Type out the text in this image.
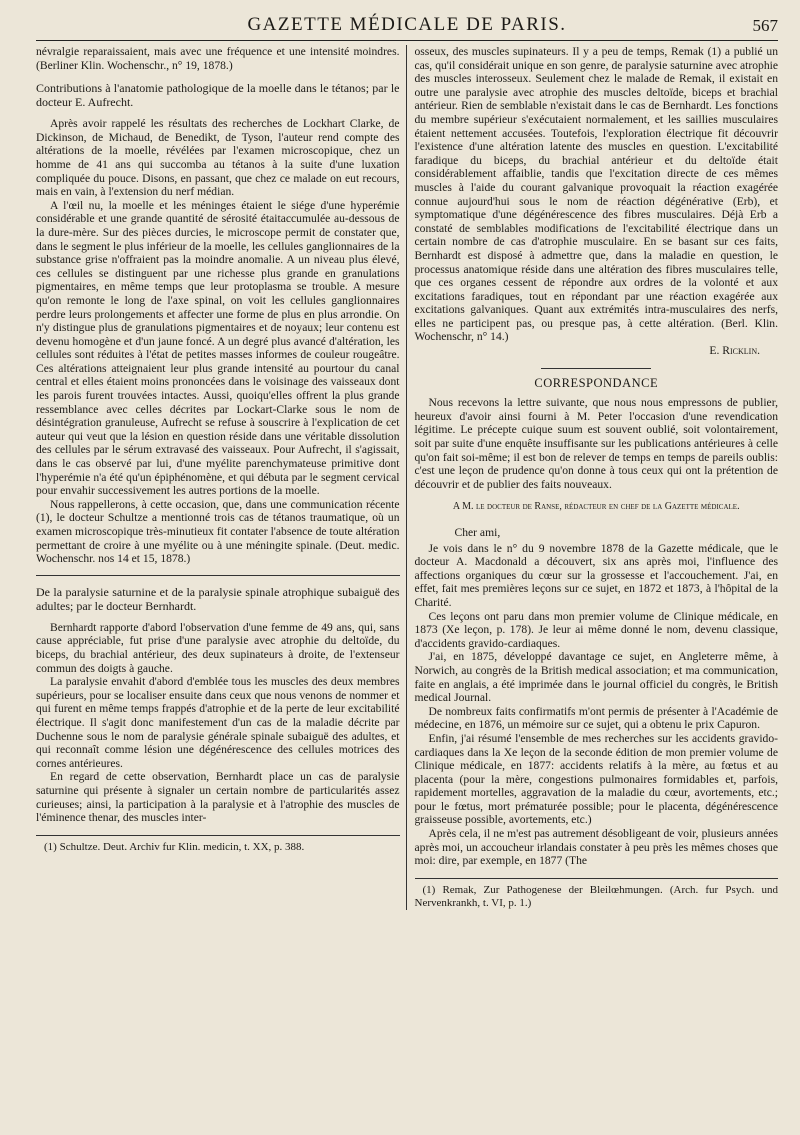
GAZETTE MÉDICALE DE PARIS.	567

névralgie reparaissaient, mais avec une fréquence et une intensité moindres. (Berliner Klin. Wochenschr., n° 19, 1878.)

Contributions à l'anatomie pathologique de la moelle dans le tétanos; par le docteur E. Aufrecht.

Après avoir rappelé les résultats des recherches de Lockhart Clarke, de Dickinson, de Michaud, de Benedikt, de Tyson, l'auteur rend compte des altérations de la moelle, révélées par l'examen microscopique, chez un homme de 41 ans qui succomba au tétanos à la suite d'une luxation compliquée du pouce. Disons, en passant, que chez ce malade on eut recours, mais en vain, à l'extension du nerf médian.

A l'œil nu, la moelle et les méninges étaient le siége d'une hyperémie considérable et une grande quantité de sérosité étaitaccumulée au-dessous de la dure-mère. Sur des pièces durcies, le microscope permit de constater que, dans le segment le plus inférieur de la moelle, les cellules ganglionnaires de la substance grise n'offraient pas la moindre anomalie. A un niveau plus élevé, ces cellules se distinguent par une richesse plus grande en granulations pigmentaires, en même temps que leur protoplasma se trouble. A mesure qu'on remonte le long de l'axe spinal, on voit les cellules ganglionnaires perdre leurs prolongements et affecter une forme de plus en plus arrondie. On n'y distingue plus de granulations pigmentaires et de noyaux; leur contenu est devenu homogène et d'un jaune foncé. A un degré plus avancé d'altération, les cellules sont réduites à l'état de petites masses informes de couleur rougeâtre. Ces altérations atteignaient leur plus grande intensité au pourtour du canal central et elles étaient moins prononcées dans le voisinage des vaisseaux dont les parois furent trouvées intactes. Aussi, quoiqu'elles offrent la plus grande ressemblance avec celles décrites par Lockart-Clarke sous le nom de désintégration granuleuse, Aufrecht se refuse à souscrire à l'explication de cet auteur qui veut que la lésion en question réside dans une véritable dissolution des cellules par le sérum extravasé des vaisseaux. Pour Aufrecht, il s'agissait, dans le cas observé par lui, d'une myélite parenchymateuse primitive dont l'hyperémie n'a été qu'un épiphénomène, et qui débuta par le segment cervical pour envahir successivement les autres portions de la moelle.

Nous rappellerons, à cette occasion, que, dans une communication récente (1), le docteur Schultze a mentionné trois cas de tétanos traumatique, où un examen microscopique très-minutieux fit contater l'absence de toute altération permettant de croire à une myélite ou à une méningite spinale. (Deut. medic. Wochenschr. nos 14 et 15, 1878.)

De la paralysie saturnine et de la paralysie spinale atrophique subaiguë des adultes; par le docteur Bernhardt.

Bernhardt rapporte d'abord l'observation d'une femme de 49 ans, qui, sans cause appréciable, fut prise d'une paralysie avec atrophie du deltoïde, du biceps, du brachial antérieur, des deux supinateurs à droite, de l'extenseur commun des doigts à gauche.

La paralysie envahit d'abord d'emblée tous les muscles des deux membres supérieurs, pour se localiser ensuite dans ceux que nous venons de nommer et qui furent en même temps frappés d'atrophie et de la perte de leur excitabilité électrique. Il s'agit donc manifestement d'un cas de la maladie décrite par Duchenne sous le nom de paralysie générale spinale subaiguë des adultes, et qui reconnaît comme lésion une dégénérescence des cellules motrices des cornes antérieures.

En regard de cette observation, Bernhardt place un cas de paralysie saturnine qui présente à signaler un certain nombre de particularités assez curieuses; ainsi, la participation à la paralysie et à l'atrophie des muscles de l'éminence thenar, des muscles inter-

(1) Schultze. Deut. Archiv fur Klin. medicin, t. XX, p. 388.

osseux, des muscles supinateurs. Il y a peu de temps, Remak (1) a publié un cas, qu'il considérait unique en son genre, de paralysie saturnine avec atrophie des muscles interosseux. Seulement chez le malade de Remak, il existait en outre une paralysie avec atrophie des muscles deltoïde, biceps et brachial antérieur. Rien de semblable n'existait dans le cas de Bernhardt. Les fonctions du membre supérieur s'exécutaient normalement, et les saillies musculaires étaient nettement accusées. Toutefois, l'exploration électrique fit découvrir l'existence d'une altération latente des muscles en question. L'excitabilité faradique du biceps, du brachial antérieur et du deltoïde était considérablement affaiblie, tandis que l'excitation directe de ces mêmes muscles à l'aide du courant galvanique provoquait la réaction exagérée connue aujourd'hui sous le nom de réaction dégénérative (Erb), et symptomatique d'une dégénérescence des fibres musculaires. Déjà Erb a constaté de semblables modifications de l'excitabilité électrique dans un certain nombre de cas d'atrophie musculaire. En se basant sur ces faits, Bernhardt est disposé à admettre que, dans la maladie en question, le processus anatomique réside dans une altération des fibres musculaires telle, que ces organes cessent de répondre aux ordres de la volonté et aux excitations faradiques, tout en répondant par une réaction exagérée aux excitations galvaniques. Quant aux extrémités intra-musculaires des nerfs, elles ne participent pas, ou presque pas, à cette altération. (Berl. Klin. Wochenschr, n° 14.)

E. Ricklin.

CORRESPONDANCE

Nous recevons la lettre suivante, que nous nous empressons de publier, heureux d'avoir ainsi fourni à M. Peter l'occasion d'une revendication légitime. Le précepte cuique suum est souvent oublié, soit volontairement, soit par suite d'une enquête insuffisante sur les publications antérieures à celle qu'on fait soi-même; il est bon de relever de temps en temps de pareils oublis: c'est une leçon de prudence qu'on donne à tous ceux qui ont la prétention de découvrir et de publier des faits nouveaux.

A M. le docteur de Ranse, rédacteur en chef de la Gazette médicale.

Cher ami,

Je vois dans le n° du 9 novembre 1878 de la Gazette médicale, que le docteur A. Macdonald a découvert, six ans après moi, l'influence des affections organiques du cœur sur la grossesse et l'accouchement. J'ai, en effet, fait mes premières leçons sur ce sujet, en 1872 et 1873, à l'hôpital de la Charité.

Ces leçons ont paru dans mon premier volume de Clinique médicale, en 1873 (Xe leçon, p. 178). Je leur ai même donné le nom, devenu classique, d'accidents gravido-cardiaques.

J'ai, en 1875, développé davantage ce sujet, en Angleterre même, à Norwich, au congrès de la British medical association; et ma communication, faite en anglais, a été imprimée dans le journal officiel du congrès, le British medical Journal.

De nombreux faits confirmatifs m'ont permis de présenter à l'Académie de médecine, en 1876, un mémoire sur ce sujet, qui a obtenu le prix Capuron.

Enfin, j'ai résumé l'ensemble de mes recherches sur les accidents gravido-cardiaques dans la Xe leçon de la seconde édition de mon premier volume de Clinique médicale, en 1877: accidents relatifs à la mère, au fœtus et au placenta (pour la mère, congestions pulmonaires formidables et, parfois, rapidement mortelles, aggravation de la maladie du cœur, avortements, etc.; pour le fœtus, mort prématurée possible; pour le placenta, dégénérescence graisseuse possible, avortements, etc.)

Après cela, il ne m'est pas autrement désobligeant de voir, plusieurs années après moi, un accoucheur irlandais constater à peu près les mêmes choses que moi: dire, par exemple, en 1877 (The

(1) Remak, Zur Pathogenese der Bleilœhmungen. (Arch. fur Psych. und Nervenkrankh, t. VI, p. 1.)
